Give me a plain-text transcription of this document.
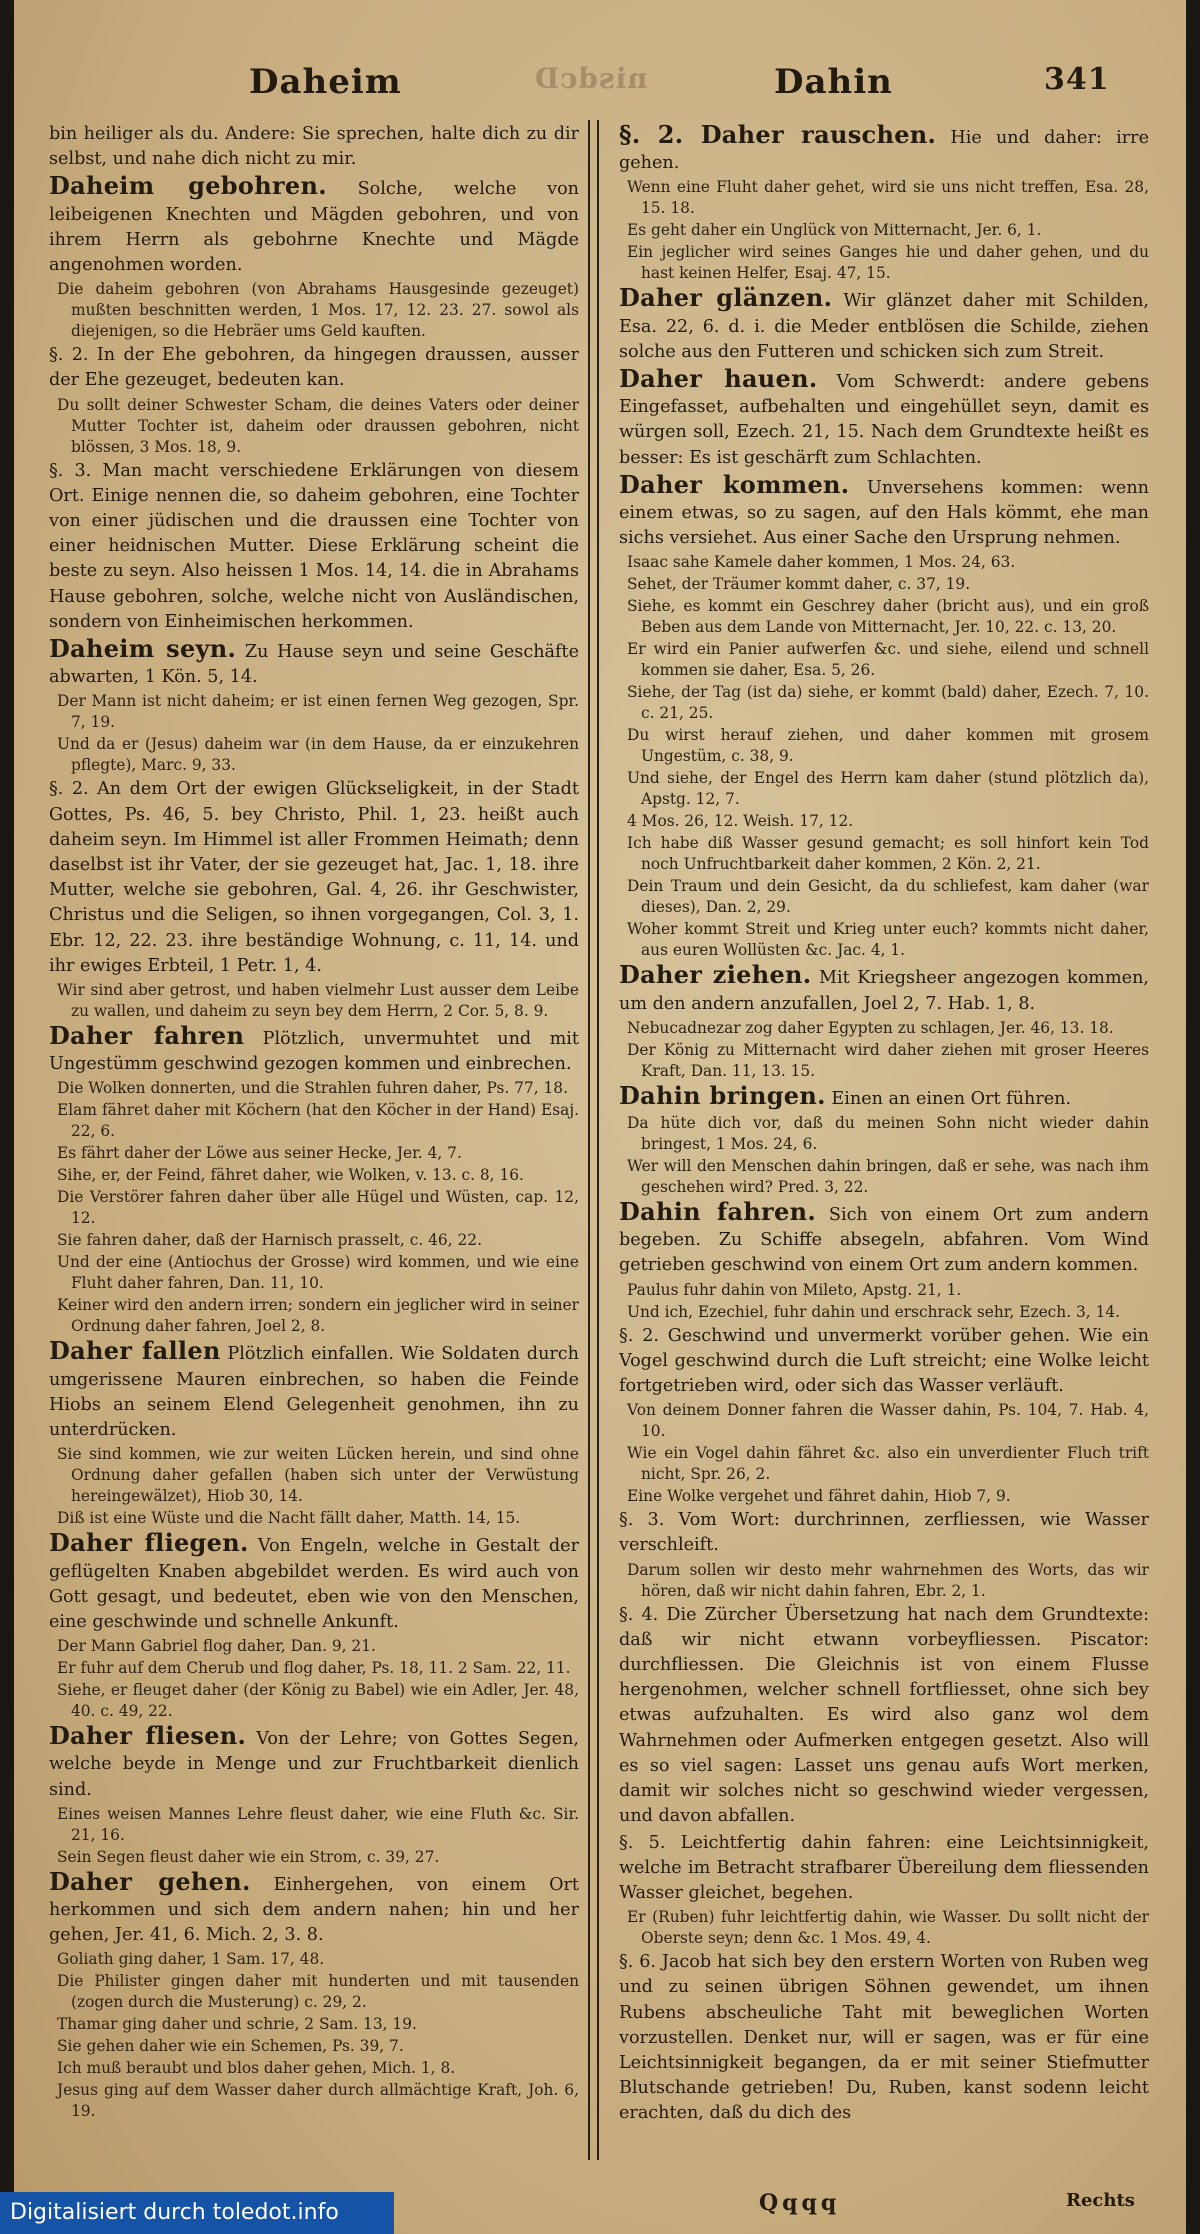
Daheim	nisdcD	Dahin	341

bin heiliger als du. Andere: Sie sprechen, halte dich zu dir selbst, und nahe dich nicht zu mir.

Daheim gebohren. Solche, welche von leibeigenen Knechten und Mägden gebohren, und von ihrem Herrn als gebohrne Knechte und Mägde angenohmen worden.

Die daheim gebohren (von Abrahams Hausgesinde gezeuget) mußten beschnitten werden, 1 Mos. 17, 12. 23. 27. sowol als diejenigen, so die Hebräer ums Geld kauften.

§. 2. In der Ehe gebohren, da hingegen draussen, ausser der Ehe gezeuget, bedeuten kan.

Du sollt deiner Schwester Scham, die deines Vaters oder deiner Mutter Tochter ist, daheim oder draussen gebohren, nicht blössen, 3 Mos. 18, 9.

§. 3. Man macht verschiedene Erklärungen von diesem Ort. Einige nennen die, so daheim gebohren, eine Tochter von einer jüdischen und die draussen eine Tochter von einer heidnischen Mutter. Diese Erklärung scheint die beste zu seyn. Also heissen 1 Mos. 14, 14. die in Abrahams Hause gebohren, solche, welche nicht von Ausländischen, sondern von Einheimischen herkommen.

Daheim seyn. Zu Hause seyn und seine Geschäfte abwarten, 1 Kön. 5, 14.

Der Mann ist nicht daheim; er ist einen fernen Weg gezogen, Spr. 7, 19.

Und da er (Jesus) daheim war (in dem Hause, da er einzukehren pflegte), Marc. 9, 33.

§. 2. An dem Ort der ewigen Glückseligkeit, in der Stadt Gottes, Ps. 46, 5. bey Christo, Phil. 1, 23. heißt auch daheim seyn. Im Himmel ist aller Frommen Heimath; denn daselbst ist ihr Vater, der sie gezeuget hat, Jac. 1, 18. ihre Mutter, welche sie gebohren, Gal. 4, 26. ihr Geschwister, Christus und die Seligen, so ihnen vorgegangen, Col. 3, 1. Ebr. 12, 22. 23. ihre beständige Wohnung, c. 11, 14. und ihr ewiges Erbteil, 1 Petr. 1, 4.

Wir sind aber getrost, und haben vielmehr Lust ausser dem Leibe zu wallen, und daheim zu seyn bey dem Herrn, 2 Cor. 5, 8. 9.

Daher fahren Plötzlich, unvermuhtet und mit Ungestümm geschwind gezogen kommen und einbrechen.

Die Wolken donnerten, und die Strahlen fuhren daher, Ps. 77, 18.

Elam fähret daher mit Köchern (hat den Köcher in der Hand) Esaj. 22, 6.

Es fährt daher der Löwe aus seiner Hecke, Jer. 4, 7.

Sihe, er, der Feind, fähret daher, wie Wolken, v. 13. c. 8, 16.

Die Verstörer fahren daher über alle Hügel und Wüsten, cap. 12, 12.

Sie fahren daher, daß der Harnisch prasselt, c. 46, 22.

Und der eine (Antiochus der Grosse) wird kommen, und wie eine Fluht daher fahren, Dan. 11, 10.

Keiner wird den andern irren; sondern ein jeglicher wird in seiner Ordnung daher fahren, Joel 2, 8.

Daher fallen Plötzlich einfallen. Wie Soldaten durch umgerissene Mauren einbrechen, so haben die Feinde Hiobs an seinem Elend Gelegenheit genohmen, ihn zu unterdrücken.

Sie sind kommen, wie zur weiten Lücken herein, und sind ohne Ordnung daher gefallen (haben sich unter der Verwüstung hereingewälzet), Hiob 30, 14.

Diß ist eine Wüste und die Nacht fällt daher, Matth. 14, 15.

Daher fliegen. Von Engeln, welche in Gestalt der geflügelten Knaben abgebildet werden. Es wird auch von Gott gesagt, und bedeutet, eben wie von den Menschen, eine geschwinde und schnelle Ankunft.

Der Mann Gabriel flog daher, Dan. 9, 21.

Er fuhr auf dem Cherub und flog daher, Ps. 18, 11. 2 Sam. 22, 11.

Siehe, er fleuget daher (der König zu Babel) wie ein Adler, Jer. 48, 40. c. 49, 22.

Daher fliesen. Von der Lehre; von Gottes Segen, welche beyde in Menge und zur Fruchtbarkeit dienlich sind.

Eines weisen Mannes Lehre fleust daher, wie eine Fluth &c. Sir. 21, 16.

Sein Segen fleust daher wie ein Strom, c. 39, 27.

Daher gehen. Einhergehen, von einem Ort herkommen und sich dem andern nahen; hin und her gehen, Jer. 41, 6. Mich. 2, 3. 8.

Goliath ging daher, 1 Sam. 17, 48.

Die Philister gingen daher mit hunderten und mit tausenden (zogen durch die Musterung) c. 29, 2.

Thamar ging daher und schrie, 2 Sam. 13, 19.

Sie gehen daher wie ein Schemen, Ps. 39, 7.

Ich muß beraubt und blos daher gehen, Mich. 1, 8.

Jesus ging auf dem Wasser daher durch allmächtige Kraft, Joh. 6, 19.

§. 2. Daher rauschen. Hie und daher: irre gehen.

Wenn eine Fluht daher gehet, wird sie uns nicht treffen, Esa. 28, 15. 18.

Es geht daher ein Unglück von Mitternacht, Jer. 6, 1.

Ein jeglicher wird seines Ganges hie und daher gehen, und du hast keinen Helfer, Esaj. 47, 15.

Daher glänzen. Wir glänzet daher mit Schilden, Esa. 22, 6. d. i. die Meder entblösen die Schilde, ziehen solche aus den Futteren und schicken sich zum Streit.

Daher hauen. Vom Schwerdt: andere gebens Eingefasset, aufbehalten und eingehüllet seyn, damit es würgen soll, Ezech. 21, 15. Nach dem Grundtexte heißt es besser: Es ist geschärft zum Schlachten.

Daher kommen. Unversehens kommen: wenn einem etwas, so zu sagen, auf den Hals kömmt, ehe man sichs versiehet. Aus einer Sache den Ursprung nehmen.

Isaac sahe Kamele daher kommen, 1 Mos. 24, 63.

Sehet, der Träumer kommt daher, c. 37, 19.

Siehe, es kommt ein Geschrey daher (bricht aus), und ein groß Beben aus dem Lande von Mitternacht, Jer. 10, 22. c. 13, 20.

Er wird ein Panier aufwerfen &c. und siehe, eilend und schnell kommen sie daher, Esa. 5, 26.

Siehe, der Tag (ist da) siehe, er kommt (bald) daher, Ezech. 7, 10. c. 21, 25.

Du wirst herauf ziehen, und daher kommen mit grosem Ungestüm, c. 38, 9.

Und siehe, der Engel des Herrn kam daher (stund plötzlich da), Apstg. 12, 7.

4 Mos. 26, 12. Weish. 17, 12.

Ich habe diß Wasser gesund gemacht; es soll hinfort kein Tod noch Unfruchtbarkeit daher kommen, 2 Kön. 2, 21.

Dein Traum und dein Gesicht, da du schliefest, kam daher (war dieses), Dan. 2, 29.

Woher kommt Streit und Krieg unter euch? kommts nicht daher, aus euren Wollüsten &c. Jac. 4, 1.

Daher ziehen. Mit Kriegsheer angezogen kommen, um den andern anzufallen, Joel 2, 7. Hab. 1, 8.

Nebucadnezar zog daher Egypten zu schlagen, Jer. 46, 13. 18.

Der König zu Mitternacht wird daher ziehen mit groser Heeres Kraft, Dan. 11, 13. 15.

Dahin bringen. Einen an einen Ort führen.

Da hüte dich vor, daß du meinen Sohn nicht wieder dahin bringest, 1 Mos. 24, 6.

Wer will den Menschen dahin bringen, daß er sehe, was nach ihm geschehen wird? Pred. 3, 22.

Dahin fahren. Sich von einem Ort zum andern begeben. Zu Schiffe absegeln, abfahren. Vom Wind getrieben geschwind von einem Ort zum andern kommen.

Paulus fuhr dahin von Mileto, Apstg. 21, 1.

Und ich, Ezechiel, fuhr dahin und erschrack sehr, Ezech. 3, 14.

§. 2. Geschwind und unvermerkt vorüber gehen. Wie ein Vogel geschwind durch die Luft streicht; eine Wolke leicht fortgetrieben wird, oder sich das Wasser verläuft.

Von deinem Donner fahren die Wasser dahin, Ps. 104, 7. Hab. 4, 10.

Wie ein Vogel dahin fähret &c. also ein unverdienter Fluch trift nicht, Spr. 26, 2.

Eine Wolke vergehet und fähret dahin, Hiob 7, 9.

§. 3. Vom Wort: durchrinnen, zerfliessen, wie Wasser verschleift.

Darum sollen wir desto mehr wahrnehmen des Worts, das wir hören, daß wir nicht dahin fahren, Ebr. 2, 1.

§. 4. Die Zürcher Übersetzung hat nach dem Grundtexte: daß wir nicht etwann vorbeyfliessen. Piscator: durchfliessen. Die Gleichnis ist von einem Flusse hergenohmen, welcher schnell fortfliesset, ohne sich bey etwas aufzuhalten. Es wird also ganz wol dem Wahrnehmen oder Aufmerken entgegen gesetzt. Also will es so viel sagen: Lasset uns genau aufs Wort merken, damit wir solches nicht so geschwind wieder vergessen, und davon abfallen.

§. 5. Leichtfertig dahin fahren: eine Leichtsinnigkeit, welche im Betracht strafbarer Übereilung dem fliessenden Wasser gleichet, begehen.

Er (Ruben) fuhr leichtfertig dahin, wie Wasser. Du sollt nicht der Oberste seyn; denn &c. 1 Mos. 49, 4.

§. 6. Jacob hat sich bey den erstern Worten von Ruben weg und zu seinen übrigen Söhnen gewendet, um ihnen Rubens abscheuliche Taht mit beweglichen Worten vorzustellen. Denket nur, will er sagen, was er für eine Leichtsinnigkeit begangen, da er mit seiner Stiefmutter Blutschande getrieben! Du, Ruben, kanst sodenn leicht erachten, daß du dich des

Qqqq	Rechts
Digitalisiert durch toledot.info
